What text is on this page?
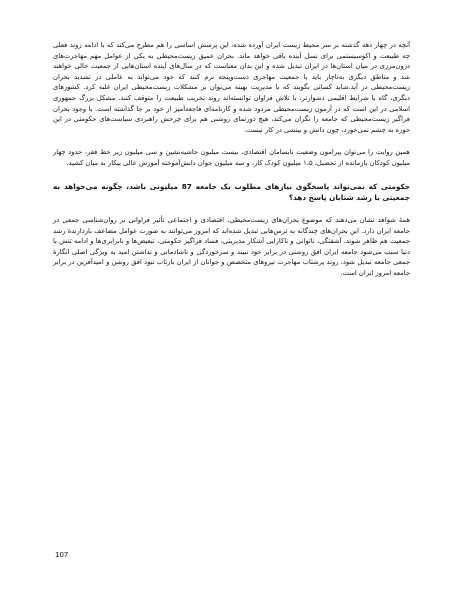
آنچه در چهار دهه گذشته بر سر محیط زیست ایران آورده شده، این پرسش اساسی را هم مطرح می‌کند که با ادامه روند فعلی چه طبیعت و اکوسیستمی برای نسل آینده باقی خواهد ماند. بحران عمیق زیست‌محیطی به یکی از عوامل مهم مهاجرت‌های درون‌مرزی در میان استان‌ها در ایران تبدیل شده و این بدان معناست که در سال‌های آینده استان‌هایی از جمعیت خالی خواهند شد و مناطق دیگری به‌ناچار باید با جمعیت مهاجری دست‌وپنجه نرم کنند که خود می‌تواند به عاملی در تشدید بحران زیست‌محیطی در آید.شاید کسانی بگویند که با مدیریت بهینه می‌توان بر مشکلات زیست‌محیطی ایران غلبه کرد. کشورهای دیگری، گاه با شرایط اقلیمی دشوارتر، با تلاش فراوان توانسته‌اند روند تخریب طبیعت را متوقف کنند. مشکل بزرگ جمهوری اسلامی در این است که در آزمون زیست‌محیطی مردود شده و کارنامه‌ای فاجعه‌آمیز از خود بر جا گذاشته است. با وجود بحران فراگیر زیست‌محیطی که جامعه را نگران می‌کند، هیچ دورنمای روشنی هم برای چرخش راهبردی سیاست‌های حکومتی در این حوزه به چشم نمی‌خورد، چون دانش و بینشی در کار نیست.

همین روایت را می‌توان پیرامون وضعیت نابسامان اقتصادی، بیست میلیون حاشیه‌نشین و سی میلیون زیر خط فقر، حدود چهار میلیون کودکان بازمانده از تحصیل، ۱،۵ میلیون کودک کار، و سه میلیون جوان دانش‌آموخته آموزش عالی بیکار به میان کشید.

حکومتی که نمی‌تواند پاسخگوی نیازهای مطلوب یک جامعه 87 میلیونی باشد، چگونه می‌خواهد به جمعیتی با رشد شتابان پاسخ دهد؟

همهٔ شواهد نشان می‌دهند که موضوع بحران‌های زیست‌محیطی، اقتصادی و اجتماعی تأثیر فراوانی بر روان‌شناسی جمعی در جامعه ایران دارد. این بحران‌های چندگانه به ترس‌هایی تبدیل شده‌اند که امروز می‌توانند به صورت عوامل مضاعف بازدارندهٔ رشد جمعیت هم ظاهر شوند. آشفتگی، ناتوانی و ناکارایی آشکار مدیریتی، فساد فراگیر حکومتی، تبعیض‌ها و نابرابری‌ها و ادامه تنش با دنیا سبب می‌شود جامعه ایران افق روشنی در برابر خود نبیند و سرخوردگی و ناشادمانی و نداشتن امید به ویژگی اصلی انگارهٔ جمعی جامعه تبدیل شود. روند پرشتاب مهاجرت نیروهای متخصص و جوانان از ایران بازتاب نبود افق روشن و امیدآفرین در برابر جامعه امروز ایران است.

107
